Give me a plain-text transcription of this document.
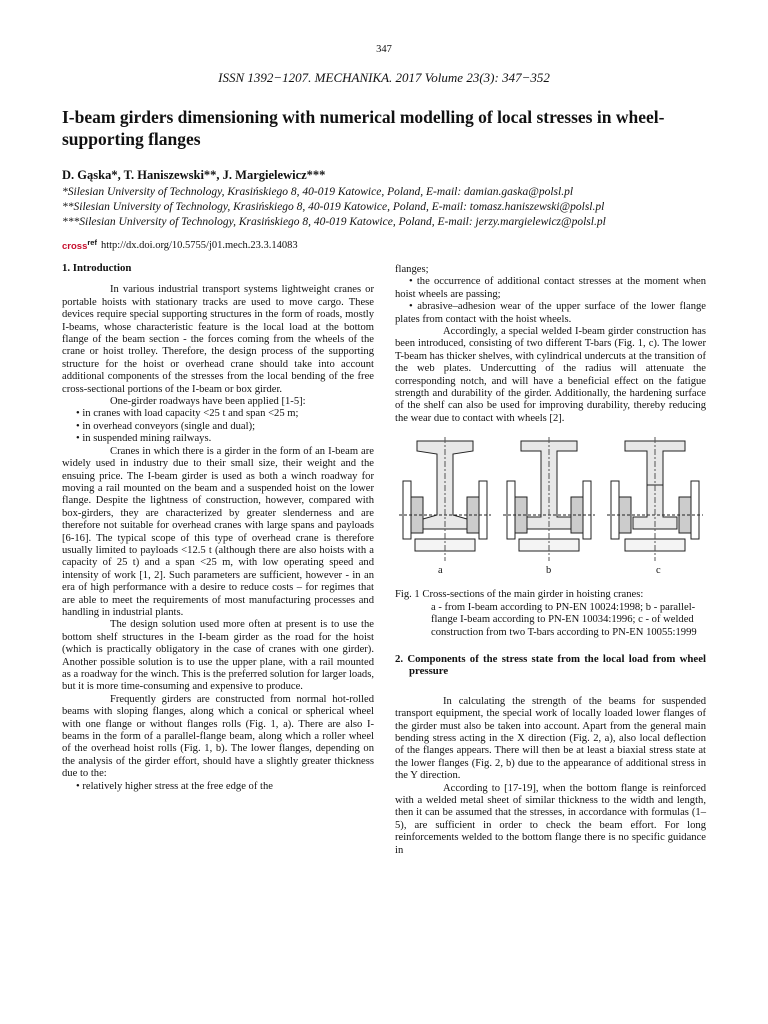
347
ISSN 1392−1207. MECHANIKA. 2017 Volume 23(3): 347−352
I-beam girders dimensioning with numerical modelling of local stresses in wheel-supporting flanges
D. Gąska*, T. Haniszewski**, J. Margielewicz***
*Silesian University of Technology, Krasińskiego 8, 40-019 Katowice, Poland, E-mail: damian.gaska@polsl.pl
**Silesian University of Technology, Krasińskiego 8, 40-019 Katowice, Poland, E-mail: tomasz.haniszewski@polsl.pl
***Silesian University of Technology, Krasińskiego 8, 40-019 Katowice, Poland, E-mail: jerzy.margielewicz@polsl.pl
cross$^{ref}$ http://dx.doi.org/10.5755/j01.mech.23.3.14083
1. Introduction

In various industrial transport systems lightweight cranes or portable hoists with stationary tracks are used to move cargo. These devices require special supporting structures in the form of roads, mostly I-beams, whose characteristic feature is the local load at the bottom flange of the beam section - the forces coming from the wheels of the crane or hoist trolley. Therefore, the design process of the supporting structure for the hoist or overhead crane should take into account additional components of the stresses from the local bending of the free cross-sectional portions of the I-beam or box girder.

One-girder roadways have been applied [1-5]:

• in cranes with load capacity <25 t and span <25 m;

• in overhead conveyors (single and dual);

• in suspended mining railways.

Cranes in which there is a girder in the form of an I-beam are widely used in industry due to their small size, their weight and the ensuing price. The I-beam girder is used as both a winch roadway for moving a rail mounted on the beam and a suspended hoist on the lower flange. Despite the lightness of construction, however, compared with box-girders, they are characterized by greater slenderness and are therefore not suitable for overhead cranes with large spans and payloads [6-16]. The typical scope of this type of overhead crane is therefore usually limited to payloads <12.5 t (although there are also hoists with a capacity of 25 t) and a span <25 m, with low operating speed and intensity of work [1, 2]. Such parameters are sufficient, however - in an era of high performance with a desire to reduce costs – for regimes that are able to meet the requirements of most manufacturing processes and handling in industrial plants.

The design solution used more often at present is to use the bottom shelf structures in the I-beam girder as the road for the hoist (which is practically obligatory in the case of cranes with one girder). Another possible solution is to use the upper plane, with a rail mounted as a roadway for the winch. This is the preferred solution for larger loads, but it is more time-consuming and expensive to produce.

Frequently girders are constructed from normal hot-rolled beams with sloping flanges, along which a conical or spherical wheel with one flange or without flanges rolls (Fig. 1, a). There are also I-beams in the form of a parallel-flange beam, along which a roller wheel of the overhead hoist rolls (Fig. 1, b). The lower flanges, depending on the analysis of the girder effort, should have a slightly greater thickness due to the:

• relatively higher stress at the free edge of the

flanges;

• the occurrence of additional contact stresses at the moment when hoist wheels are passing;

• abrasive–adhesion wear of the upper surface of the lower flange plates from contact with the hoist wheels.

Accordingly, a special welded I-beam girder construction has been introduced, consisting of two different T-bars (Fig. 1, c). The lower T-beam has thicker shelves, with cylindrical undercuts at the transition of the web plates. Undercutting of the radius will attenuate the corresponding notch, and will have a beneficial effect on the fatigue strength and durability of the girder. Additionally, the hardening surface of the shelf can also be used for improving durability, thereby reducing the wear due to contact with wheels [2].

a	b	c
Fig. 1 Cross-sections of the main girder in hoisting cranes:
a - from I-beam according to PN-EN 10024:1998; b - parallel-flange I-beam according to PN-EN 10034:1996; c - of welded construction from two T-bars according to PN-EN 10055:1999
2. Components of the stress state from the local load from wheel pressure

In calculating the strength of the beams for suspended transport equipment, the special work of locally loaded lower flanges of the girder must also be taken into account. Apart from the general main bending stress acting in the X direction (Fig. 2, a), also local deflection of the flanges appears. There will then be at least a biaxial stress state at the lower flanges (Fig. 2, b) due to the appearance of additional stress in the Y direction.

According to [17-19], when the bottom flange is reinforced with a welded metal sheet of similar thickness to the width and length, then it can be assumed that the stresses, in accordance with formulas (1–5), are sufficient in order to check the beam effort. For long reinforcements welded to the bottom flange there is no specific guidance in
